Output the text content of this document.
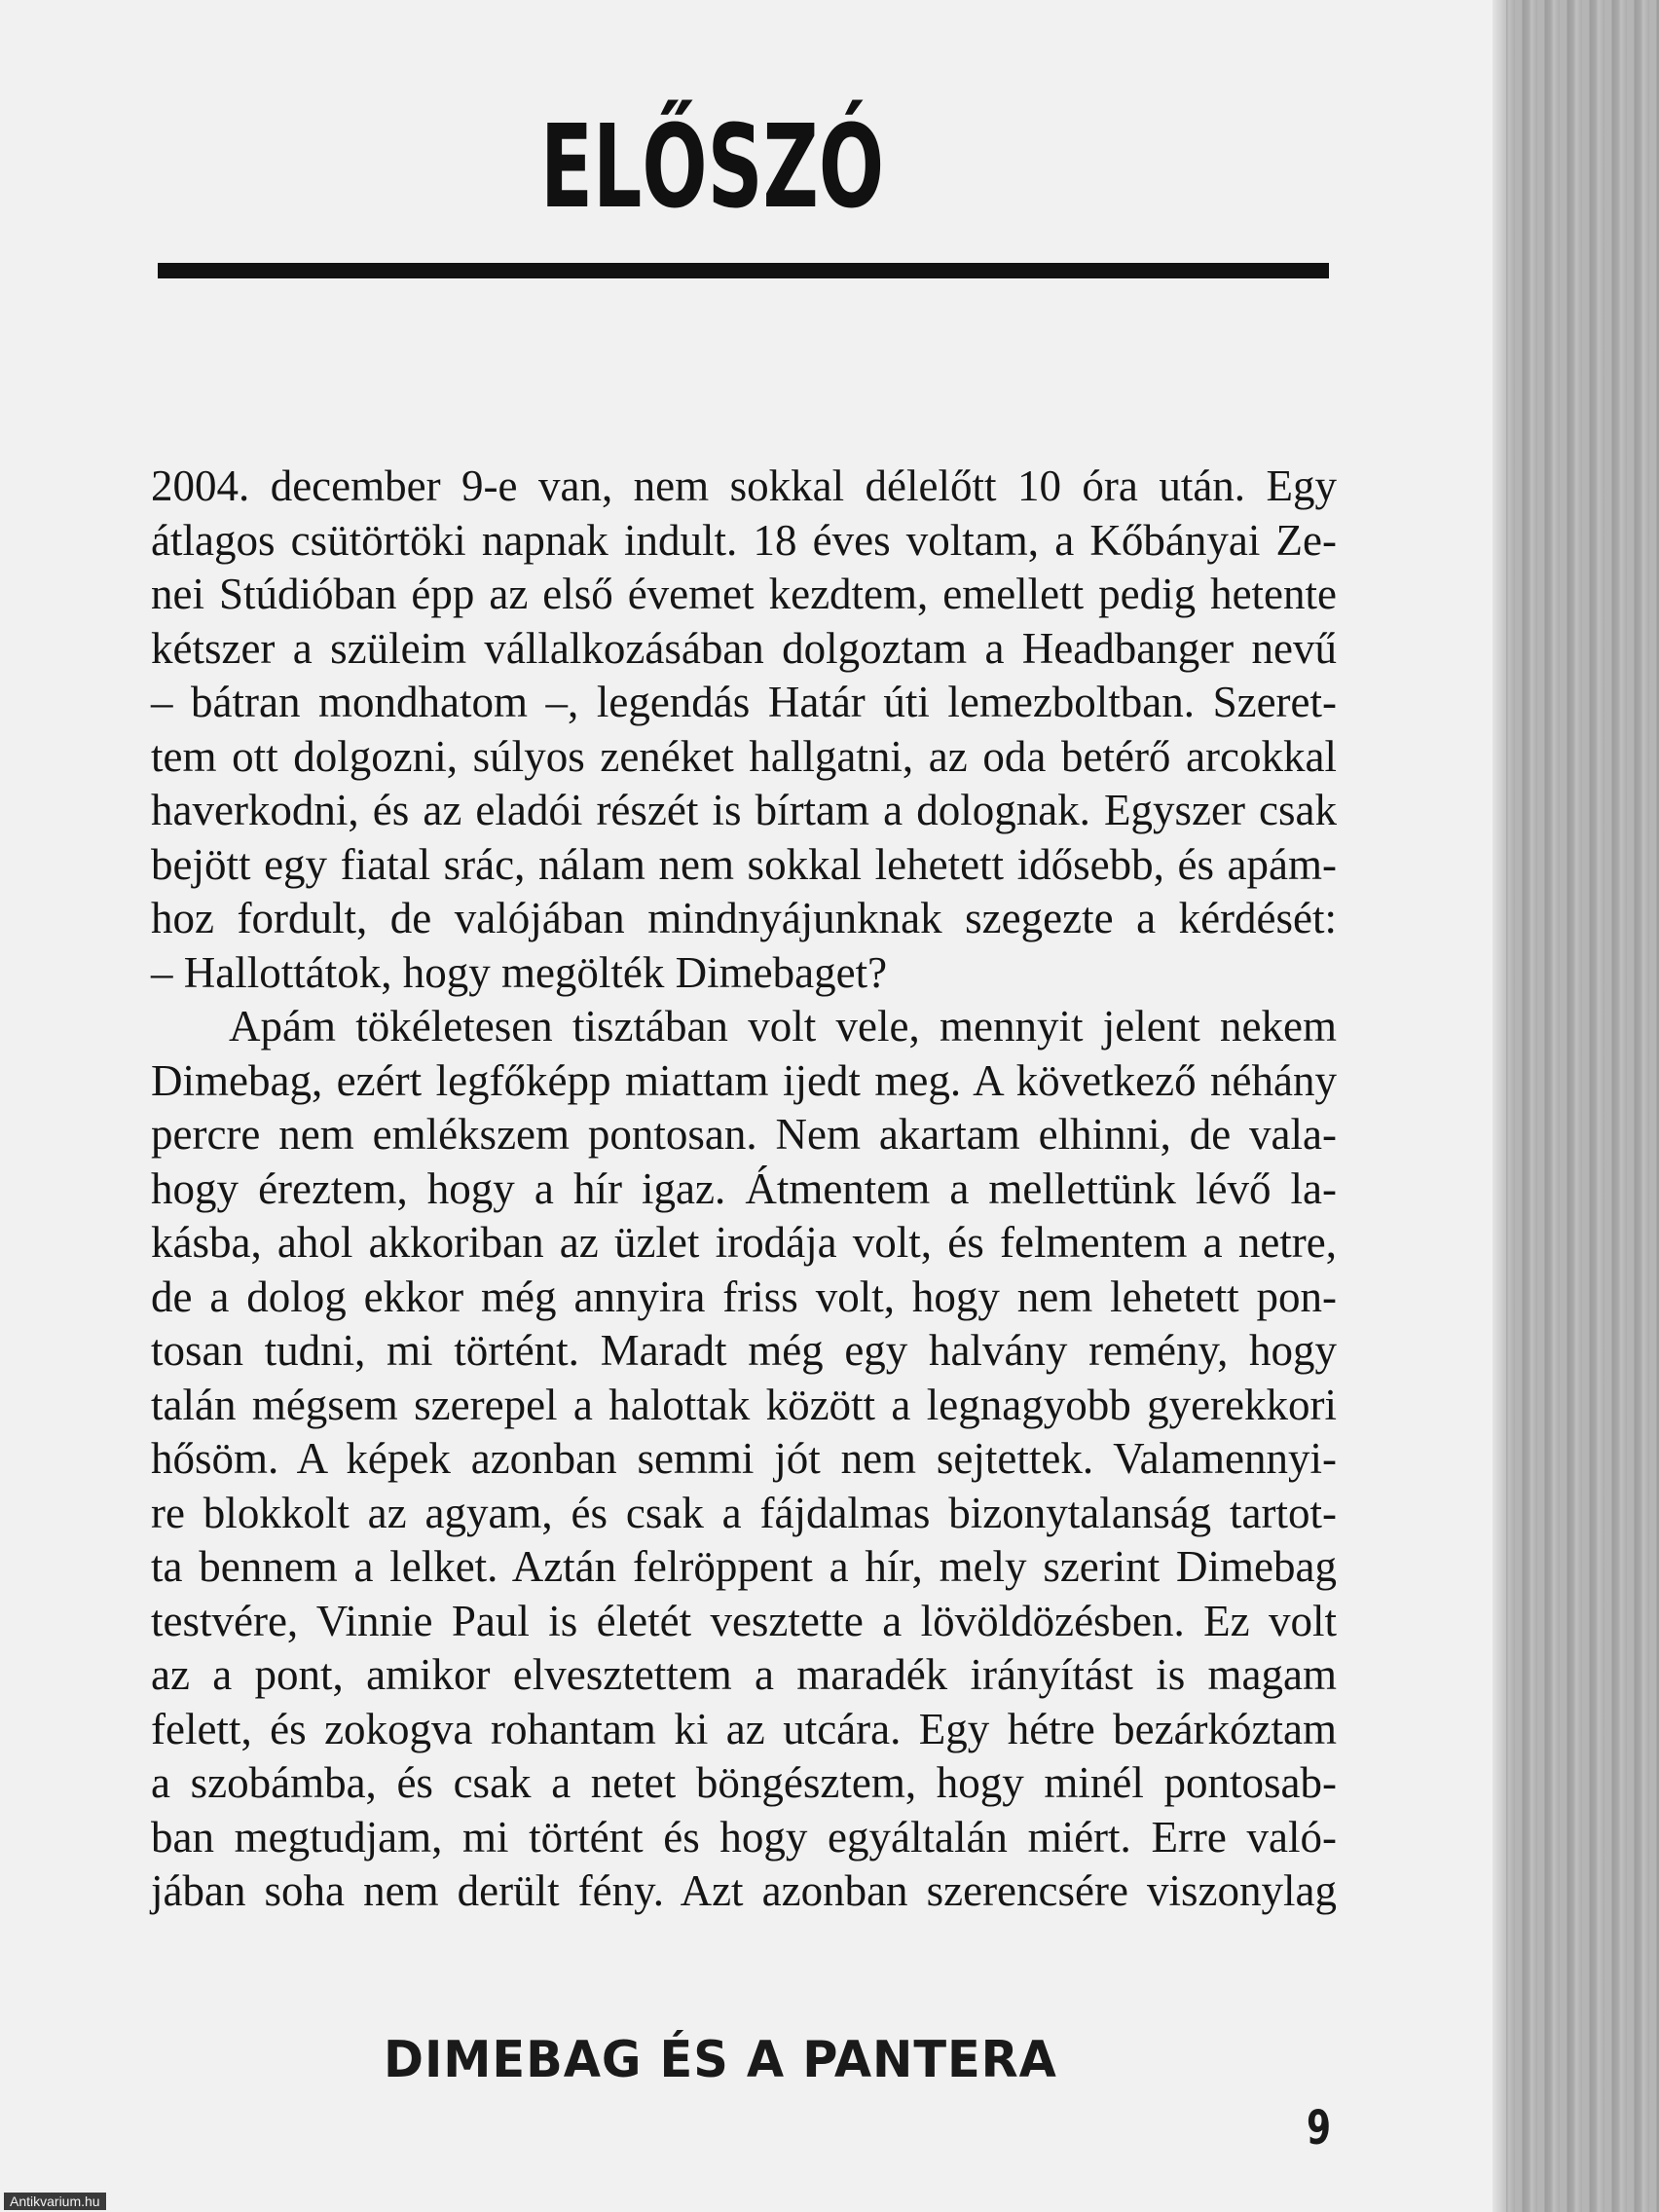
ELŐSZÓ
2004. december 9-e van, nem sokkal délelőtt 10 óra után. Egy
átlagos csütörtöki napnak indult. 18 éves voltam, a Kőbányai Ze-
nei Stúdióban épp az első évemet kezdtem, emellett pedig hetente
kétszer a szüleim vállalkozásában dolgoztam a Headbanger nevű
– bátran mondhatom –, legendás Határ úti lemezboltban. Szeret-
tem ott dolgozni, súlyos zenéket hallgatni, az oda betérő arcokkal
haverkodni, és az eladói részét is bírtam a dolognak. Egyszer csak
bejött egy fiatal srác, nálam nem sokkal lehetett idősebb, és apám-
hoz fordult, de valójában mindnyájunknak szegezte a kérdését:
– Hallottátok, hogy megölték Dimebaget?
Apám tökéletesen tisztában volt vele, mennyit jelent nekem
Dimebag, ezért legfőképp miattam ijedt meg. A következő néhány
percre nem emlékszem pontosan. Nem akartam elhinni, de vala-
hogy éreztem, hogy a hír igaz. Átmentem a mellettünk lévő la-
kásba, ahol akkoriban az üzlet irodája volt, és felmentem a netre,
de a dolog ekkor még annyira friss volt, hogy nem lehetett pon-
tosan tudni, mi történt. Maradt még egy halvány remény, hogy
talán mégsem szerepel a halottak között a legnagyobb gyerekkori
hősöm. A képek azonban semmi jót nem sejtettek. Valamennyi-
re blokkolt az agyam, és csak a fájdalmas bizonytalanság tartot-
ta bennem a lelket. Aztán felröppent a hír, mely szerint Dimebag
testvére, Vinnie Paul is életét vesztette a lövöldözésben. Ez volt
az a pont, amikor elvesztettem a maradék irányítást is magam
felett, és zokogva rohantam ki az utcára. Egy hétre bezárkóztam
a szobámba, és csak a netet böngésztem, hogy minél pontosab-
ban megtudjam, mi történt és hogy egyáltalán miért. Erre való-
jában soha nem derült fény. Azt azonban szerencsére viszonylag
DIMEBAG ÉS A PANTERA
9
Antikvarium.hu
